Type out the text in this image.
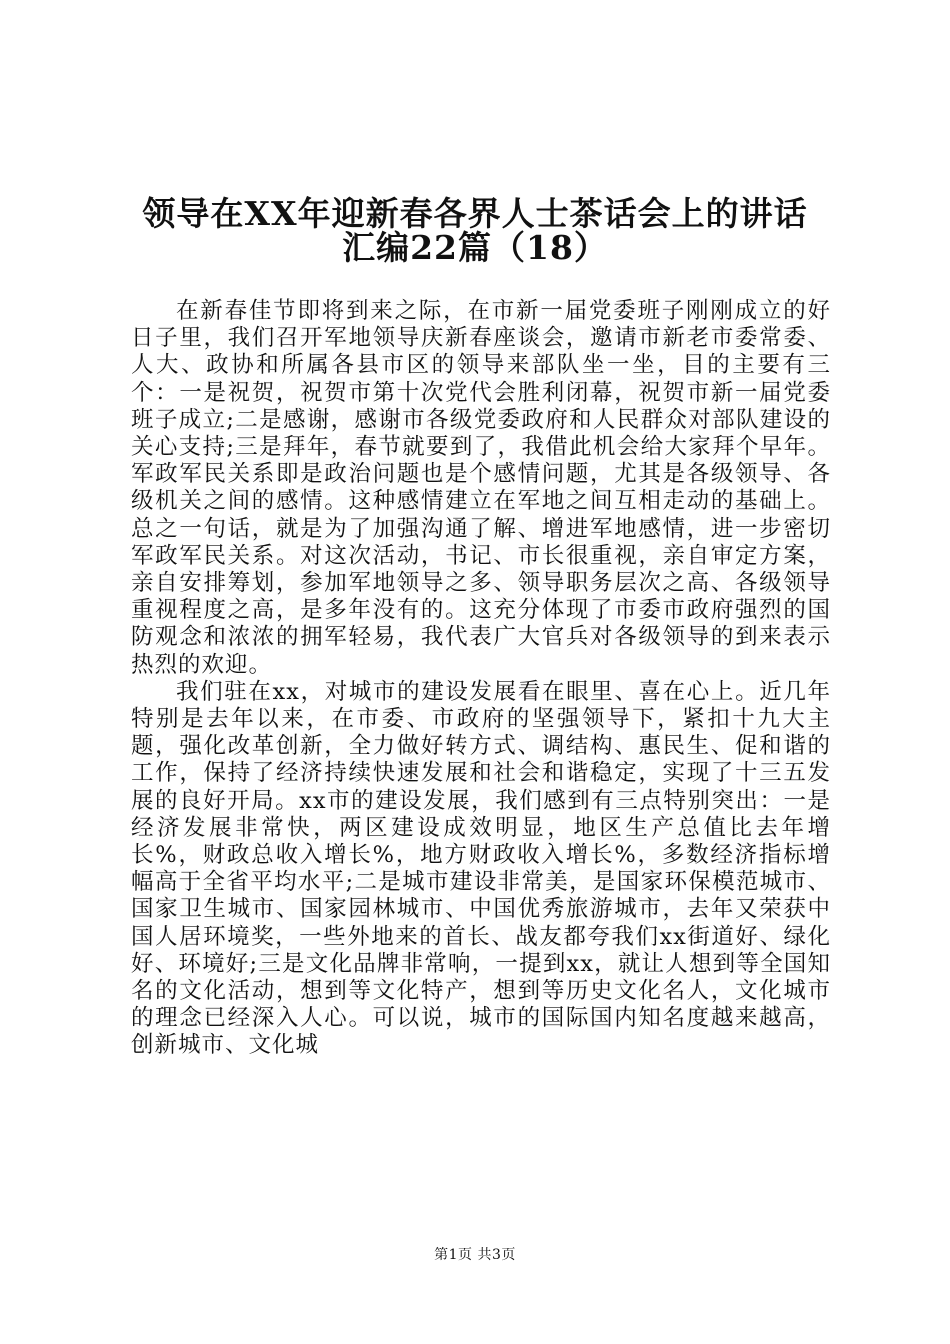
领导在XX年迎新春各界人士茶话会上的讲话
汇编22篇（18）

在新春佳节即将到来之际，在市新一届党委班子刚刚成立的好日子里，我们召开军地领导庆新春座谈会，邀请市新老市委常委、人大、政协和所属各县市区的领导来部队坐一坐，目的主要有三个：一是祝贺，祝贺市第十次党代会胜利闭幕，祝贺市新一届党委班子成立;二是感谢，感谢市各级党委政府和人民群众对部队建设的关心支持;三是拜年，春节就要到了，我借此机会给大家拜个早年。军政军民关系即是政治问题也是个感情问题，尤其是各级领导、各级机关之间的感情。这种感情建立在军地之间互相走动的基础上。总之一句话，就是为了加强沟通了解、增进军地感情，进一步密切军政军民关系。对这次活动，书记、市长很重视，亲自审定方案，亲自安排筹划，参加军地领导之多、领导职务层次之高、各级领导重视程度之高，是多年没有的。这充分体现了市委市政府强烈的国防观念和浓浓的拥军轻易，我代表广大官兵对各级领导的到来表示热烈的欢迎。

我们驻在xx，对城市的建设发展看在眼里、喜在心上。近几年特别是去年以来，在市委、市政府的坚强领导下，紧扣十九大主题，强化改革创新，全力做好转方式、调结构、惠民生、促和谐的工作，保持了经济持续快速发展和社会和谐稳定，实现了十三五发展的良好开局。xx市的建设发展，我们感到有三点特别突出：一是经济发展非常快，两区建设成效明显，地区生产总值比去年增长%，财政总收入增长%，地方财政收入增长%，多数经济指标增幅高于全省平均水平;二是城市建设非常美，是国家环保模范城市、国家卫生城市、国家园林城市、中国优秀旅游城市，去年又荣获中国人居环境奖，一些外地来的首长、战友都夸我们xx街道好、绿化好、环境好;三是文化品牌非常响，一提到xx，就让人想到等全国知名的文化活动，想到等文化特产，想到等历史文化名人，文化城市的理念已经深入人心。可以说，城市的国际国内知名度越来越高，创新城市、文化城

第1页 共3页
